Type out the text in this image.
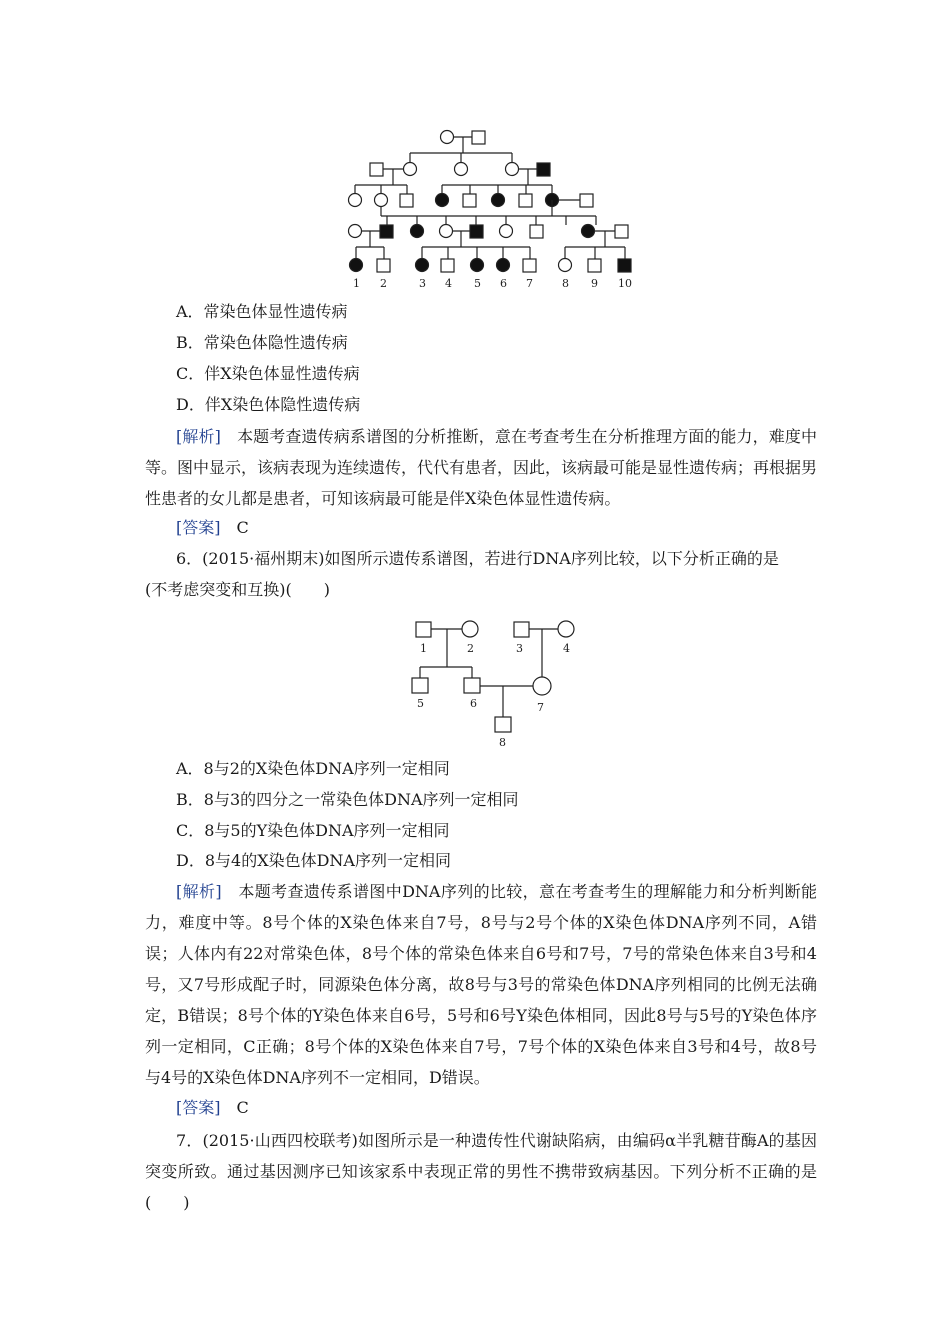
1 2	3 4 5 6 7	8 9 10
A．常染色体显性遗传病
B．常染色体隐性遗传病
C．伴X染色体显性遗传病
D．伴X染色体隐性遗传病
[解析]　 本题考查遗传病系谱图的分析推断，意在考查考生在分析推理方面的能力，难度中等。图中显示，该病表现为连续遗传，代代有患者，因此，该病最可能是显性遗传病；再根据男性患者的女儿都是患者，可知该病最可能是伴X染色体显性遗传病。
[答案]　 C
6．(2015·福州期末)如图所示遗传系谱图，若进行DNA序列比较，以下分析正确的是
(不考虑突变和互换)(　　)
1	2	3	4
5	6	7
8
A．8与2的X染色体DNA序列一定相同
B．8与3的四分之一常染色体DNA序列一定相同
C．8与5的Y染色体DNA序列一定相同
D．8与4的X染色体DNA序列一定相同
[解析]　 本题考查遗传系谱图中DNA序列的比较，意在考查考生的理解能力和分析判断能力，难度中等。8号个体的X染色体来自7号，8号与2号个体的X染色体DNA序列不同，A错误；人体内有22对常染色体，8号个体的常染色体来自6号和7号，7号的常染色体来自3号和4号，又7号形成配子时，同源染色体分离，故8号与3号的常染色体DNA序列相同的比例无法确定，B错误；8号个体的Y染色体来自6号，5号和6号Y染色体相同，因此8号与5号的Y染色体序列一定相同，C正确；8号个体的X染色体来自7号，7号个体的X染色体来自3号和4号，故8号与4号的X染色体DNA序列不一定相同，D错误。
[答案]　 C
7．(2015·山西四校联考)如图所示是一种遗传性代谢缺陷病，由编码α半乳糖苷酶A的基因突变所致。通过基因测序已知该家系中表现正常的男性不携带致病基因。下列分析不正确的是(　　)
